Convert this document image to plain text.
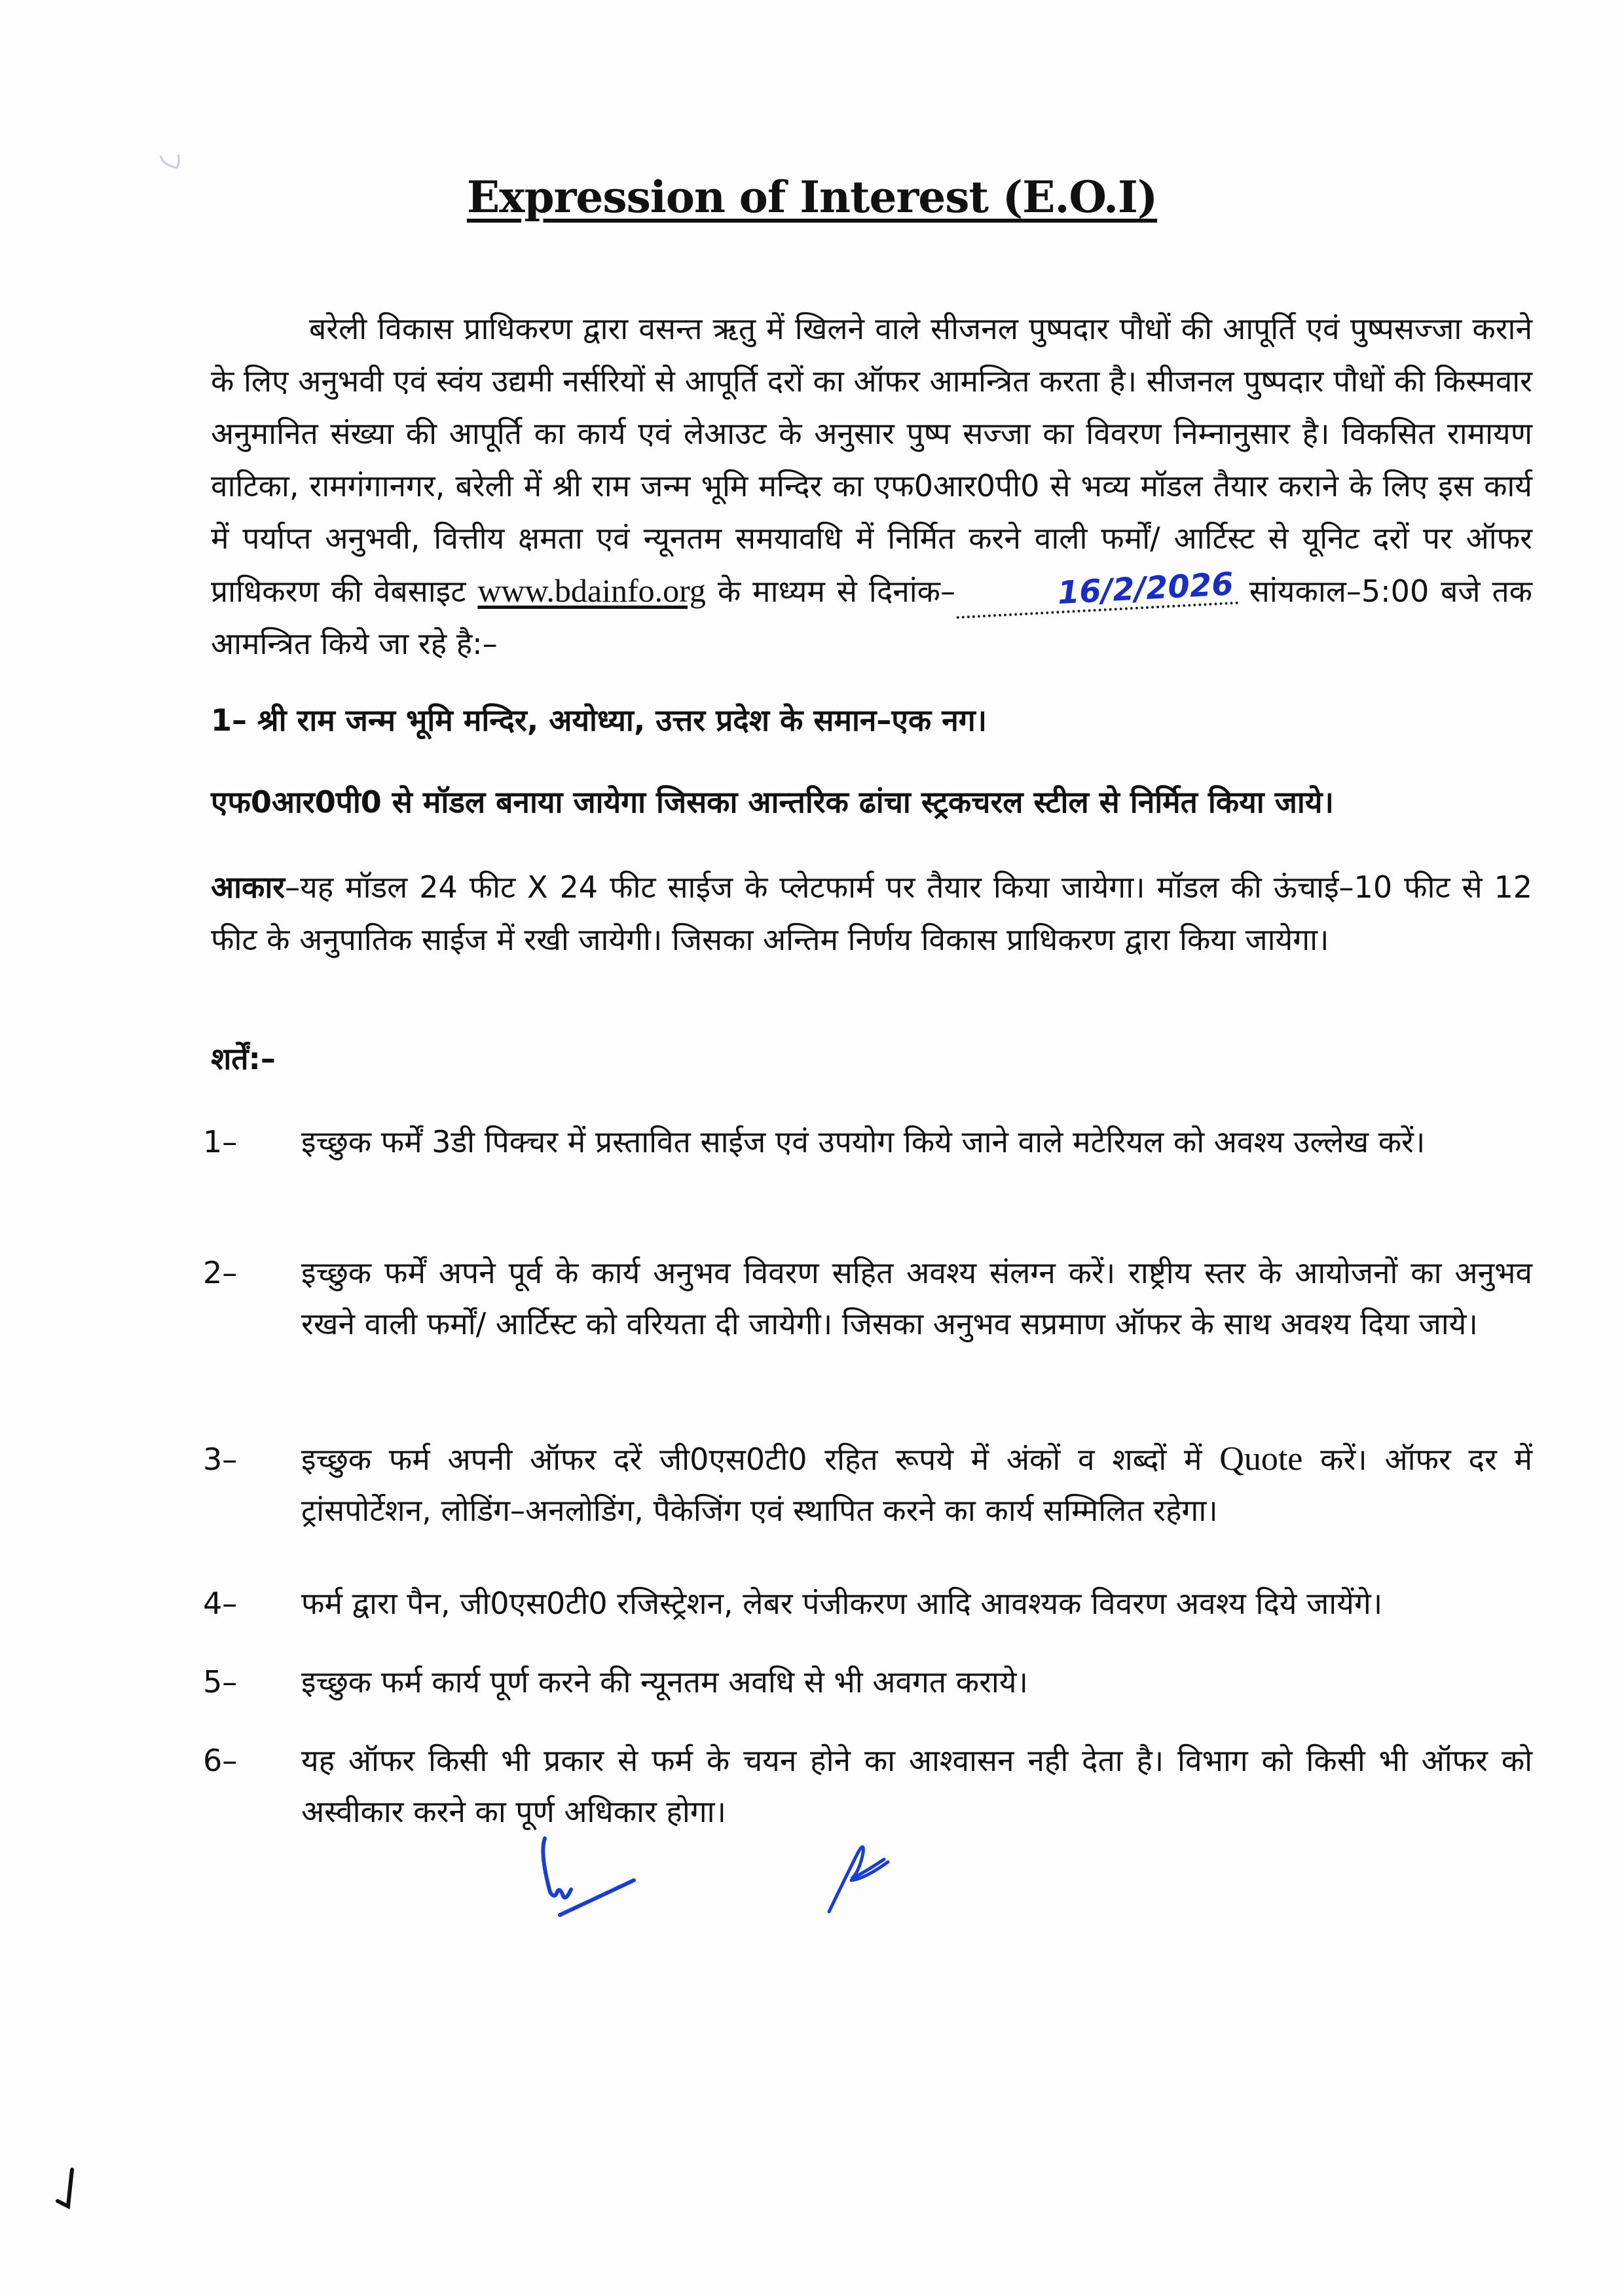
Expression of Interest (E.O.I)
बरेली विकास प्राधिकरण द्वारा वसन्त ऋतु में खिलने वाले सीजनल पुष्पदार पौधों की आपूर्ति एवं पुष्पसज्जा कराने के लिए अनुभवी एवं स्वंय उद्यमी नर्सरियों से आपूर्ति दरों का ऑफर आमन्त्रित करता है। सीजनल पुष्पदार पौधों की किस्मवार अनुमानित संख्या की आपूर्ति का कार्य एवं लेआउट के अनुसार पुष्प सज्जा का विवरण निम्नानुसार है। विकसित रामायण वाटिका, रामगंगानगर, बरेली में श्री राम जन्म भूमि मन्दिर का एफ0आर0पी0 से भव्य मॉडल तैयार कराने के लिए इस कार्य में पर्याप्त अनुभवी, वित्तीय क्षमता एवं न्यूनतम समयावधि में निर्मित करने वाली फर्मों/ आर्टिस्ट से यूनिट दरों पर ऑफर प्राधिकरण की वेबसाइट www.bdainfo.org के माध्यम से दिनांक–	16/2/2026 सांयकाल–5:00 बजे तक आमन्त्रित किये जा रहे है:–
1– श्री राम जन्म भूमि मन्दिर, अयोध्या, उत्तर प्रदेश के समान–एक नग।
एफ0आर0पी0 से मॉडल बनाया जायेगा जिसका आन्तरिक ढांचा स्ट्रकचरल स्टील से निर्मित किया जाये।
आकार–यह मॉडल 24 फीट X 24 फीट साईज के प्लेटफार्म पर तैयार किया जायेगा। मॉडल की ऊंचाई–10 फीट से 12 फीट के अनुपातिक साईज में रखी जायेगी। जिसका अन्तिम निर्णय विकास प्राधिकरण द्वारा किया जायेगा।
शर्तें:–
1–	इच्छुक फर्में 3डी पिक्चर में प्रस्तावित साईज एवं उपयोग किये जाने वाले मटेरियल को अवश्य उल्लेख करें।
2–	इच्छुक फर्में अपने पूर्व के कार्य अनुभव विवरण सहित अवश्य संलग्न करें। राष्ट्रीय स्तर के आयोजनों का अनुभव रखने वाली फर्मों/ आर्टिस्ट को वरियता दी जायेगी। जिसका अनुभव सप्रमाण ऑफर के साथ अवश्य दिया जाये।
3–	इच्छुक फर्म अपनी ऑफर दरें जी0एस0टी0 रहित रूपये में अंकों व शब्दों में Quote करें। ऑफर दर में ट्रांसपोर्टेशन, लोडिंग–अनलोडिंग, पैकेजिंग एवं स्थापित करने का कार्य सम्मिलित रहेगा।
4–	फर्म द्वारा पैन, जी0एस0टी0 रजिस्ट्रेशन, लेबर पंजीकरण आदि आवश्यक विवरण अवश्य दिये जायेंगे।
5–	इच्छुक फर्म कार्य पूर्ण करने की न्यूनतम अवधि से भी अवगत कराये।
6–	यह ऑफर किसी भी प्रकार से फर्म के चयन होने का आश्वासन नही देता है। विभाग को किसी भी ऑफर को अस्वीकार करने का पूर्ण अधिकार होगा।
